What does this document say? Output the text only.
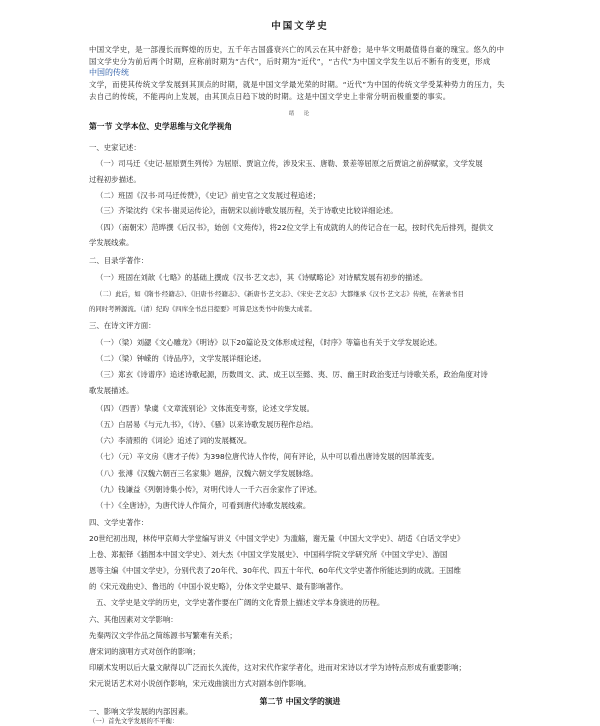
中国文学史
中国文学史，是一部漫长而辉煌的历史，五千年古国盛衰兴亡的风云在其中舒卷；是中华文明最值得自豪的瑰宝。悠久的中
国文学史分为前后两个时期，应称前时期为“古代”，后时期为“近代”，“古代”为中国文学发生以后不断有的变更，形成
中国的传统
文学，而使其传统文学发展到其顶点的时期，就是中国文学最光荣的时期。“近代”为中国的传统文学受某种势力的压力，失
去自己的传统，不能再向上发展，由其顶点日趋下坡的时期。这是中国文学史上非常分明而极重要的事实。
绪　论
第一节 文学本位、史学思维与文化学视角
一、史家记述：
（一）司马迁《史记·屈原贾生列传》为屈原、贾谊立传，涉及宋玉、唐勒、景差等屈原之后贾谊之前辞赋家，文学发展
过程初步描述。
（二）班固《汉书·司马迁传赞》，《史记》前史官之文发展过程追述；
（三）齐梁沈约《宋书·谢灵运传论》，南朝宋以前诗歌发展历程，关于诗歌史比较详细论述。
（四）（南朝宋）范晔撰《后汉书》，始创《文苑传》，将22位文学上有成就的人的传记合在一起，按时代先后排列，提供文
学发展线索。
二、目录学著作：
（一）班固在刘歆《七略》的基础上撰成《汉书·艺文志》，其《诗赋略论》对诗赋发展有初步的描述。
（二）此后，如《隋书·经籍志》、《旧唐书·经籍志》、《新唐书·艺文志》、《宋史·艺文志》大都继承《汉书·艺文志》传统，在著录书目
的同时考辨源流。（清）纪昀《四库全书总目提要》可算是这类书中的集大成者。
三、在诗文评方面：
（一）（梁）刘勰《文心雕龙》《明诗》以下20篇论及文体形成过程，《时序》等篇也有关于文学发展论述。
（二）（梁）钟嵘的《诗品序》，文学发展详细论述。
（三）郑玄《诗谱序》追述诗歌起源，历数周文、武、成王以至懿、夷、厉、幽王时政治变迁与诗歌关系，政治角度对诗
歌发展描述。
（四）（西晋）挚虞《文章流别论》文体流变考察，论述文学发展。
（五）白居易《与元九书》，《诗》、《骚》以来诗歌发展历程作总结。
（六）李清照的《词论》追述了词的发展概况。
（七）（元）辛文房《唐才子传》为398位唐代诗人作传，间有评论，从中可以看出唐诗发展的因革流变。
（八）张溥《汉魏六朝百三名家集》题辞，汉魏六朝文学发展脉络。
（九）钱谦益《列朝诗集小传》，对明代诗人一千六百余家作了评述。
（十）《全唐诗》，为唐代诗人作简介，可看到唐代诗歌发展线索。
四、文学史著作：
20世纪初出现，林传甲京师大学堂编写讲义《中国文学史》为滥觞，谢无量《中国大文学史》、胡适《白话文学史》
上卷、郑振铎《插图本中国文学史》、刘大杰《中国文学发展史》、中国科学院文学研究所《中国文学史》、游国
恩等主编《中国文学史》，分别代表了20年代、30年代、四五十年代、60年代文学史著作所能达到的成就。王国维
的《宋元戏曲史》、鲁迅的《中国小说史略》，分体文学史最早、最有影响著作。
五、文学史是文学的历史，文学史著作要在广阔的文化背景上描述文学本身演进的历程。
六、其他因素对文学影响：
先秦两汉文学作品之简练源书写繁难有关系；
唐宋词的演唱方式对创作的影响；
印刷术发明以后大量文献得以广泛而长久流传，这对宋代作家学者化，进而对宋诗以才学为诗特点形成有重要影响；
宋元说话艺术对小说创作影响，宋元戏曲演出方式对剧本创作影响。
第二节 中国文学的演进
一、影响文学发展的内部因素。
（一）首先文学发展的不平衡：
